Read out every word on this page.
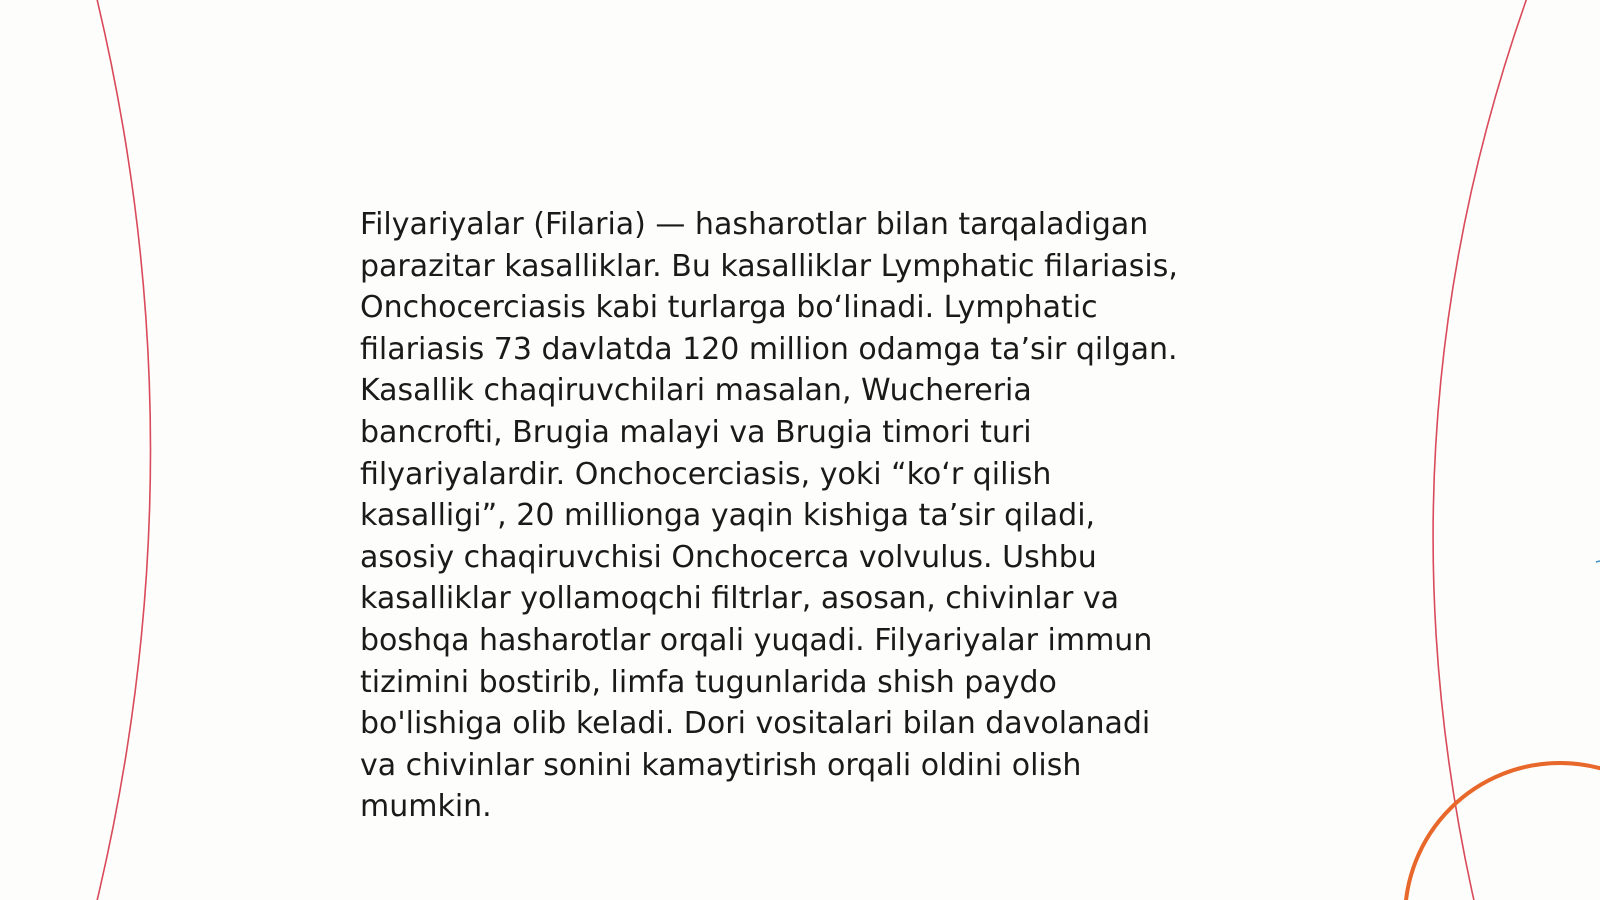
Filyariyalar (Filaria) — hasharotlar bilan tarqaladigan
parazitar kasalliklar. Bu kasalliklar Lymphatic filariasis,
Onchocerciasis kabi turlarga bo‘linadi. Lymphatic
filariasis 73 davlatda 120 million odamga ta’sir qilgan.
Kasallik chaqiruvchilari masalan, Wuchereria
bancrofti, Brugia malayi va Brugia timori turi
filyariyalardir. Onchocerciasis, yoki “ko‘r qilish
kasalligi”, 20 millionga yaqin kishiga ta’sir qiladi,
asosiy chaqiruvchisi Onchocerca volvulus. Ushbu
kasalliklar yollamoqchi filtrlar, asosan, chivinlar va
boshqa hasharotlar orqali yuqadi. Filyariyalar immun
tizimini bostirib, limfa tugunlarida shish paydo
bo'lishiga olib keladi. Dori vositalari bilan davolanadi
va chivinlar sonini kamaytirish orqali oldini olish
mumkin.
